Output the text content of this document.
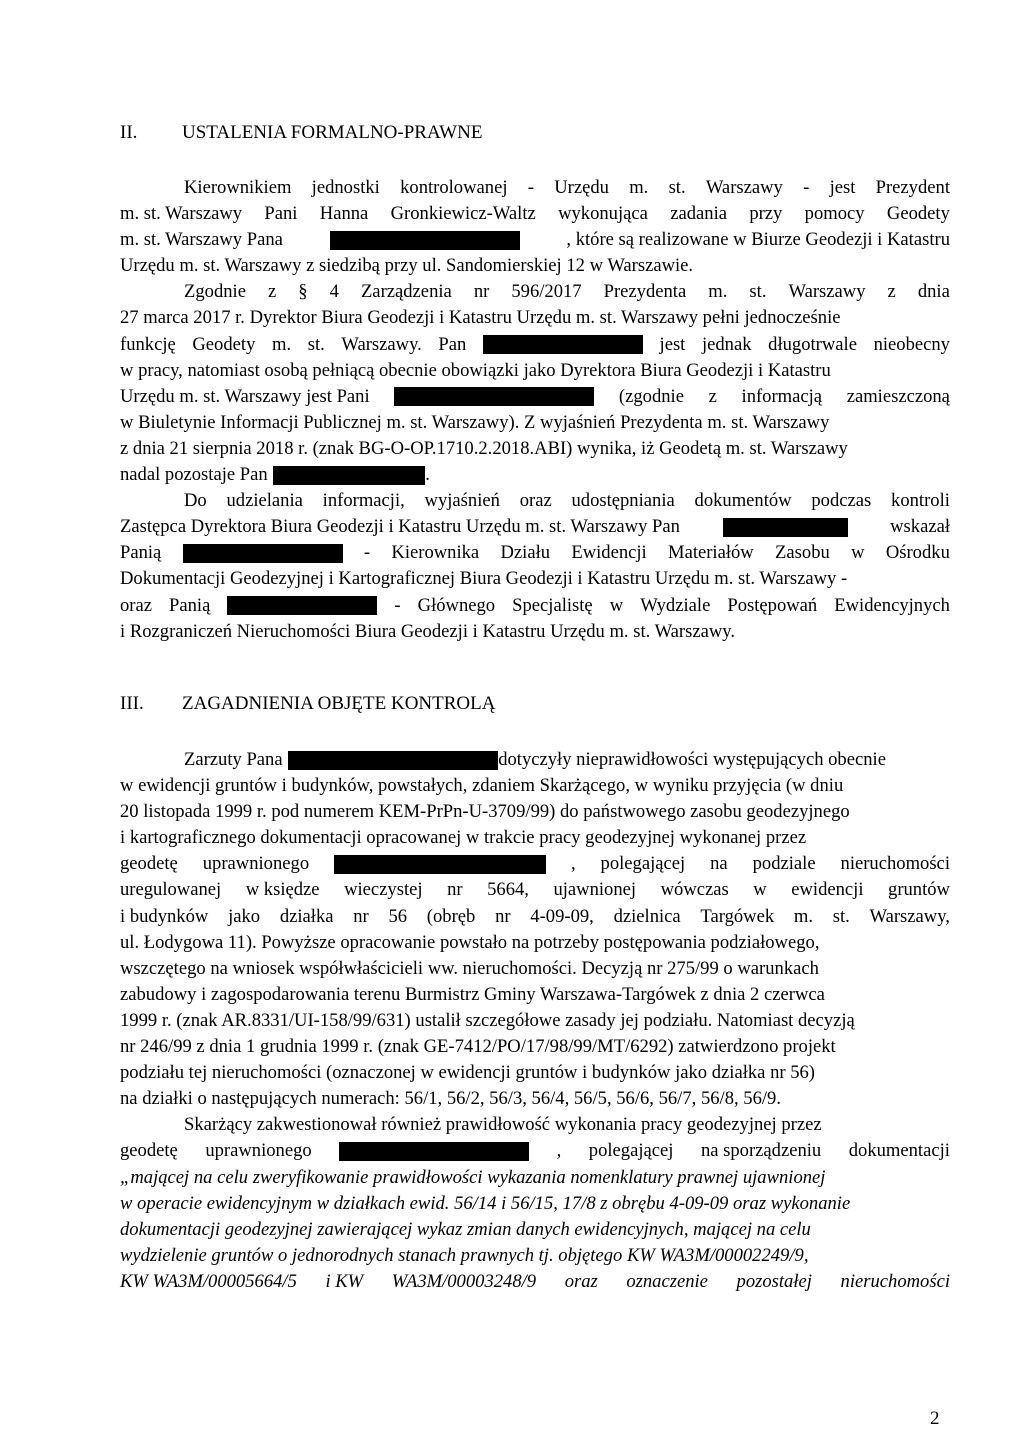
II. USTALENIA FORMALNO-PRAWNE
Kierownikiem jednostki kontrolowanej - Urzędu m. st. Warszawy - jest Prezydent
m. st. Warszawy Pani Hanna Gronkiewicz-Waltz wykonująca zadania przy pomocy Geodety
m. st. Warszawy Pana	, które są realizowane w Biurze Geodezji i Katastru
Urzędu m. st. Warszawy z siedzibą przy ul. Sandomierskiej 12 w Warszawie.
Zgodnie z § 4 Zarządzenia nr 596/2017 Prezydenta m. st. Warszawy z dnia
27 marca 2017 r. Dyrektor Biura Geodezji i Katastru Urzędu m. st. Warszawy pełni jednocześnie
funkcję Geodety m. st. Warszawy. Pan	jest jednak długotrwale nieobecny
w pracy, natomiast osobą pełniącą obecnie obowiązki jako Dyrektora Biura Geodezji i Katastru
Urzędu m. st. Warszawy jest Pani	(zgodnie z informacją zamieszczoną
w Biuletynie Informacji Publicznej m. st. Warszawy). Z wyjaśnień Prezydenta m. st. Warszawy
z dnia 21 sierpnia 2018 r. (znak BG-O-OP.1710.2.2018.ABI) wynika, iż Geodetą m. st. Warszawy
nadal pozostaje Pan	.
Do udzielania informacji, wyjaśnień oraz udostępniania dokumentów podczas kontroli
Zastępca Dyrektora Biura Geodezji i Katastru Urzędu m. st. Warszawy Pan	wskazał
Panią	- Kierownika Działu Ewidencji Materiałów Zasobu w Ośrodku
Dokumentacji Geodezyjnej i Kartograficznej Biura Geodezji i Katastru Urzędu m. st. Warszawy -
oraz Panią	- Głównego Specjalistę w Wydziale Postępowań Ewidencyjnych
i Rozgraniczeń Nieruchomości Biura Geodezji i Katastru Urzędu m. st. Warszawy.
III. ZAGADNIENIA OBJĘTE KONTROLĄ
Zarzuty Pana	dotyczyły nieprawidłowości występujących obecnie
w ewidencji gruntów i budynków, powstałych, zdaniem Skarżącego, w wyniku przyjęcia (w dniu
20 listopada 1999 r. pod numerem KEM-PrPn-U-3709/99) do państwowego zasobu geodezyjnego
i kartograficznego dokumentacji opracowanej w trakcie pracy geodezyjnej wykonanej przez
geodetę uprawnionego	, polegającej na podziale nieruchomości
uregulowanej w księdze wieczystej nr 5664, ujawnionej wówczas w ewidencji gruntów
i budynków jako działka nr 56 (obręb nr 4-09-09, dzielnica Targówek m. st. Warszawy,
ul. Łodygowa 11). Powyższe opracowanie powstało na potrzeby postępowania podziałowego,
wszczętego na wniosek współwłaścicieli ww. nieruchomości. Decyzją nr 275/99 o warunkach
zabudowy i zagospodarowania terenu Burmistrz Gminy Warszawa-Targówek z dnia 2 czerwca
1999 r. (znak AR.8331/UI-158/99/631) ustalił szczegółowe zasady jej podziału. Natomiast decyzją
nr 246/99 z dnia 1 grudnia 1999 r. (znak GE-7412/PO/17/98/99/MT/6292) zatwierdzono projekt
podziału tej nieruchomości (oznaczonej w ewidencji gruntów i budynków jako działka nr 56)
na działki o następujących numerach: 56/1, 56/2, 56/3, 56/4, 56/5, 56/6, 56/7, 56/8, 56/9.
Skarżący zakwestionował również prawidłowość wykonania pracy geodezyjnej przez
geodetę uprawnionego	, polegającej na sporządzeniu dokumentacji
„mającej na celu zweryfikowanie prawidłowości wykazania nomenklatury prawnej ujawnionej
w operacie ewidencyjnym w działkach ewid. 56/14 i 56/15, 17/8 z obrębu 4-09-09 oraz wykonanie
dokumentacji geodezyjnej zawierającej wykaz zmian danych ewidencyjnych, mającej na celu
wydzielenie gruntów o jednorodnych stanach prawnych tj. objętego KW WA3M/00002249/9,
KW WA3M/00005664/5 i KW WA3M/00003248/9 oraz oznaczenie pozostałej nieruchomości
2
